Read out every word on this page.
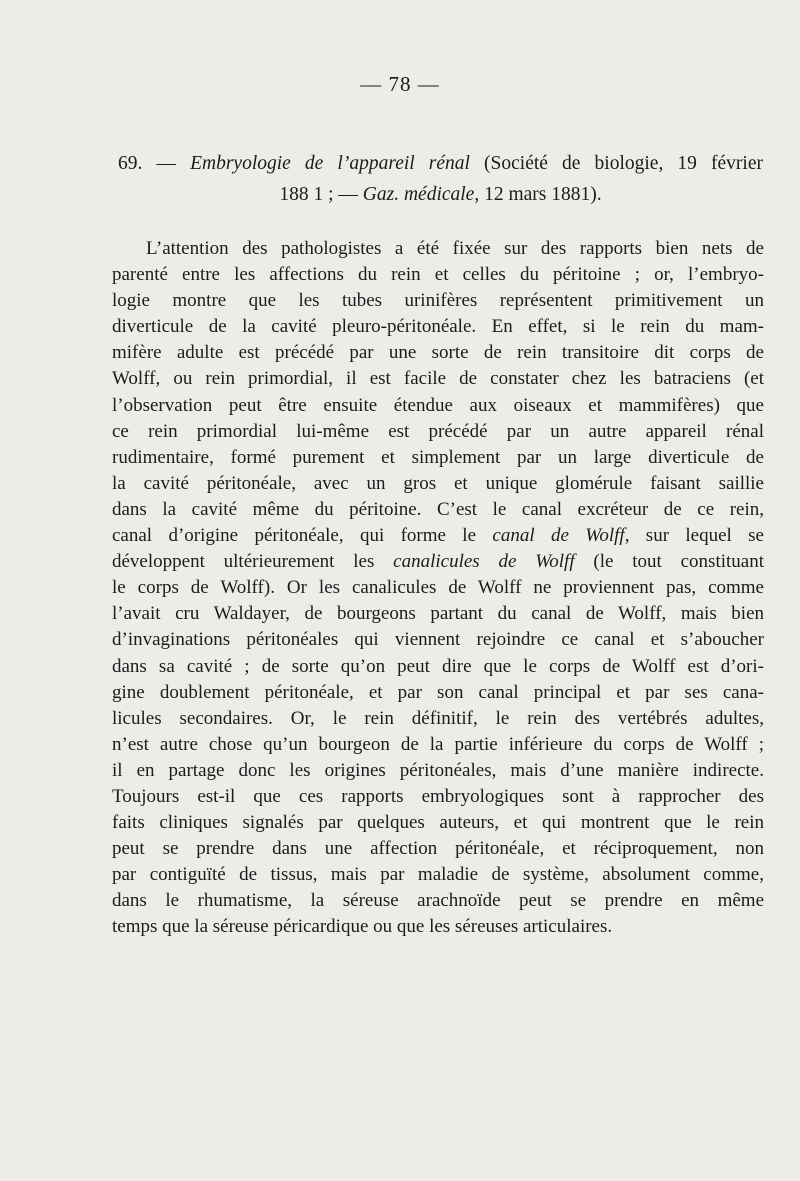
— 78 —
69. — Embryologie de l’appareil rénal (Société de biologie, 19 février
188 1 ; — Gaz. médicale, 12 mars 1881).
L’attention des pathologistes a été fixée sur des rapports bien nets de
parenté entre les affections du rein et celles du péritoine ; or, l’embryo-
logie montre que les tubes urinifères représentent primitivement un
diverticule de la cavité pleuro-péritonéale. En effet, si le rein du mam-
mifère adulte est précédé par une sorte de rein transitoire dit corps de
Wolff, ou rein primordial, il est facile de constater chez les batraciens (et
l’observation peut être ensuite étendue aux oiseaux et mammifères) que
ce rein primordial lui-même est précédé par un autre appareil rénal
rudimentaire, formé purement et simplement par un large diverticule de
la cavité péritonéale, avec un gros et unique glomérule faisant saillie
dans la cavité même du péritoine. C’est le canal excréteur de ce rein,
canal d’origine péritonéale, qui forme le canal de Wolff, sur lequel se
développent ultérieurement les canalicules de Wolff (le tout constituant
le corps de Wolff). Or les canalicules de Wolff ne proviennent pas, comme
l’avait cru Waldayer, de bourgeons partant du canal de Wolff, mais bien
d’invaginations péritonéales qui viennent rejoindre ce canal et s’aboucher
dans sa cavité ; de sorte qu’on peut dire que le corps de Wolff est d’ori-
gine doublement péritonéale, et par son canal principal et par ses cana-
licules secondaires. Or, le rein définitif, le rein des vertébrés adultes,
n’est autre chose qu’un bourgeon de la partie inférieure du corps de Wolff ;
il en partage donc les origines péritonéales, mais d’une manière indirecte.
Toujours est-il que ces rapports embryologiques sont à rapprocher des
faits cliniques signalés par quelques auteurs, et qui montrent que le rein
peut se prendre dans une affection péritonéale, et réciproquement, non
par contiguïté de tissus, mais par maladie de système, absolument comme,
dans le rhumatisme, la séreuse arachnoïde peut se prendre en même
temps que la séreuse péricardique ou que les séreuses articulaires.
